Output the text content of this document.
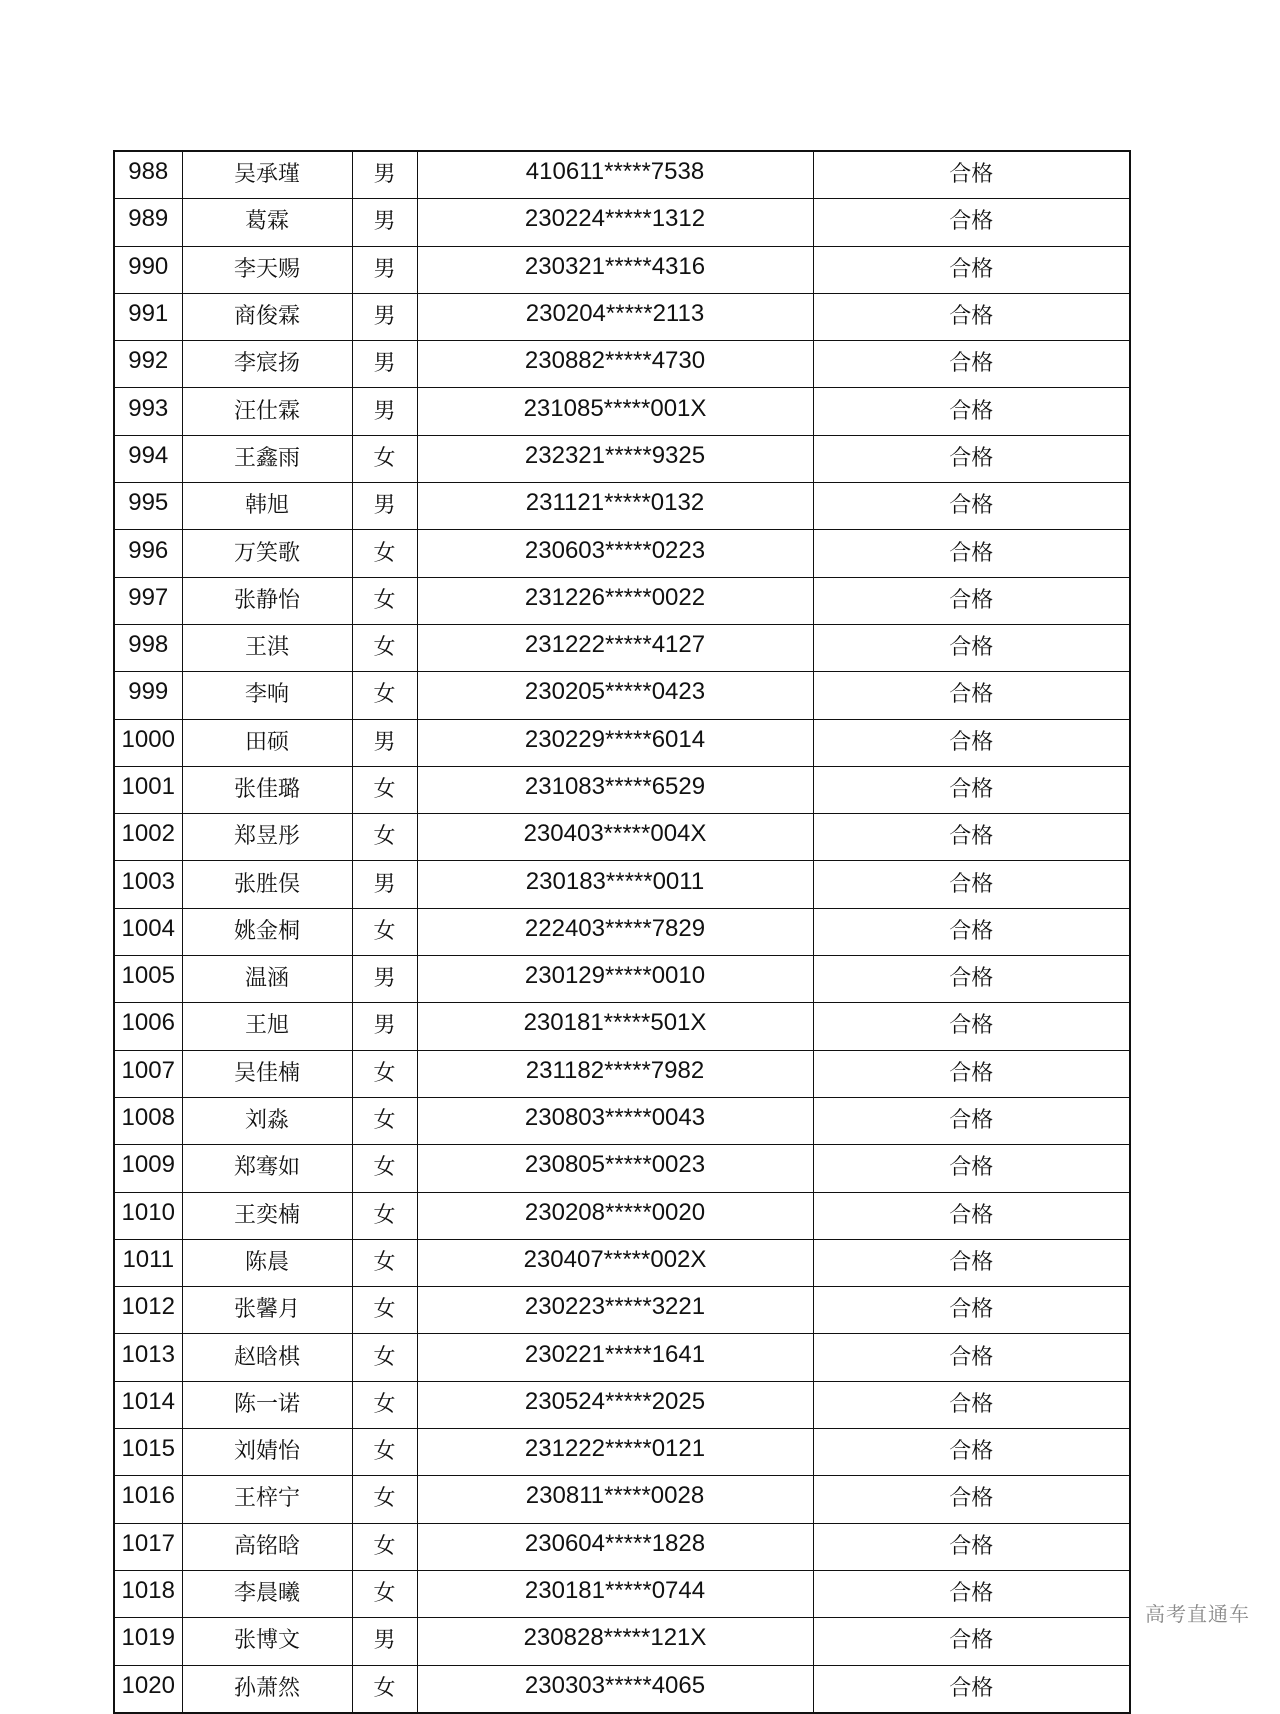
988	吴承瑾	男	410611*****7538	合格
989	葛霖	男	230224*****1312	合格
990	李天赐	男	230321*****4316	合格
991	商俊霖	男	230204*****2113	合格
992	李宸扬	男	230882*****4730	合格
993	汪仕霖	男	231085*****001X	合格
994	王鑫雨	女	232321*****9325	合格
995	韩旭	男	231121*****0132	合格
996	万笑歌	女	230603*****0223	合格
997	张静怡	女	231226*****0022	合格
998	王淇	女	231222*****4127	合格
999	李响	女	230205*****0423	合格
1000	田硕	男	230229*****6014	合格
1001	张佳璐	女	231083*****6529	合格
1002	郑昱彤	女	230403*****004X	合格
1003	张胜俣	男	230183*****0011	合格
1004	姚金桐	女	222403*****7829	合格
1005	温涵	男	230129*****0010	合格
1006	王旭	男	230181*****501X	合格
1007	吴佳楠	女	231182*****7982	合格
1008	刘淼	女	230803*****0043	合格
1009	郑骞如	女	230805*****0023	合格
1010	王奕楠	女	230208*****0020	合格
1011	陈晨	女	230407*****002X	合格
1012	张馨月	女	230223*****3221	合格
1013	赵晗棋	女	230221*****1641	合格
1014	陈一诺	女	230524*****2025	合格
1015	刘婧怡	女	231222*****0121	合格
1016	王梓宁	女	230811*****0028	合格
1017	高铭晗	女	230604*****1828	合格
1018	李晨曦	女	230181*****0744	合格
1019	张博文	男	230828*****121X	合格
1020	孙萧然	女	230303*****4065	合格
高考直通车
